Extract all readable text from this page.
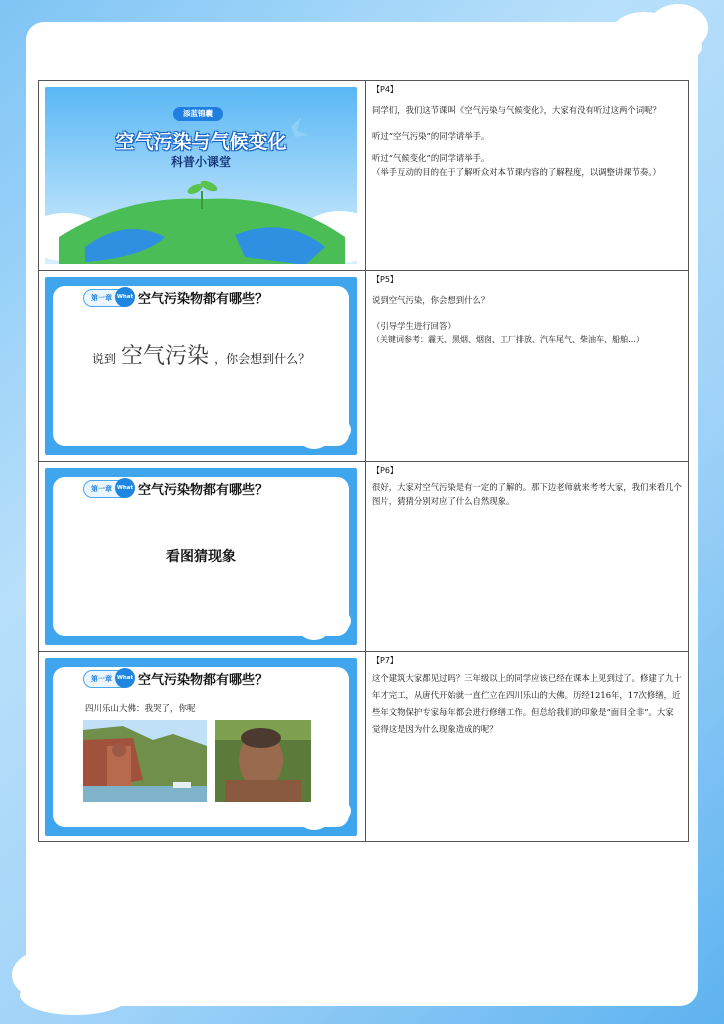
添蓝锦囊
空气污染与气候变化
科普小课堂

【P4】

同学们，我们这节课叫《空气污染与气候变化》，大家有没有听过这两个词呢？

听过“空气污染”的同学请举手。

听过“气候变化”的同学请举手。

（举手互动的目的在于了解听众对本节课内容的了解程度，以调整讲课节奏。）

第一章 What 空气污染物都有哪些？
说到 空气污染 ，你会想到什么？

【P5】

说到空气污染，你会想到什么？

（引导学生进行回答）

（关键词参考：霾天、黑烟、烟囱、工厂排放、汽车尾气、柴油车、船舶…）

第一章 What 空气污染物都有哪些？
看图猜现象

【P6】

很好，大家对空气污染是有一定的了解的。那下边老师就来考考大家，我们来看几个图片，猜猜分别对应了什么自然现象。

第一章 What 空气污染物都有哪些？
四川乐山大佛：我哭了，你呢

【P7】

这个建筑大家都见过吗？三年级以上的同学应该已经在课本上见到过了。修建了九十年才完工，从唐代开始就一直伫立在四川乐山的大佛。历经1216年，17次修缮，近些年文物保护专家每年都会进行修缮工作。但总给我们的印象是“面目全非”。大家觉得这是因为什么现象造成的呢？
